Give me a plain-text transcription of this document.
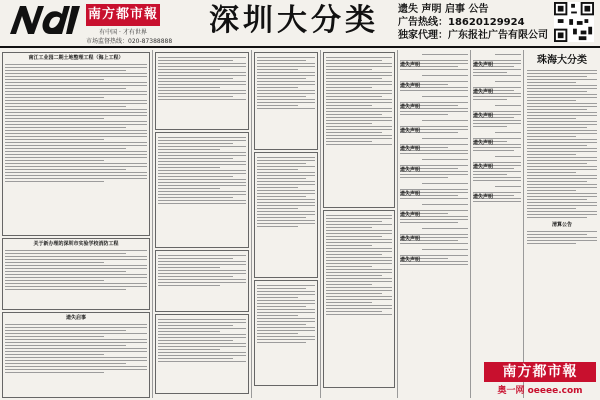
南方都市報
有中国 · 才有世界
市场监督热线：020-87388888
深圳大分类	遗失 声明 启事 公告
广告热线：18620129924
独家代理：广东报社广告有限公司
南江工业园二期土地整理工程（海上工程）
关于新办理的深圳市实验学校消防工程
遗失启事
遗失声明
遗失声明
遗失声明
遗失声明
遗失声明
遗失声明
遗失声明
遗失声明
遗失声明
遗失声明
遗失声明
遗失声明
遗失声明
遗失声明
遗失声明
遗失声明
珠海大分类
清算公告
南方都市報
奥一网 oeeee.com
